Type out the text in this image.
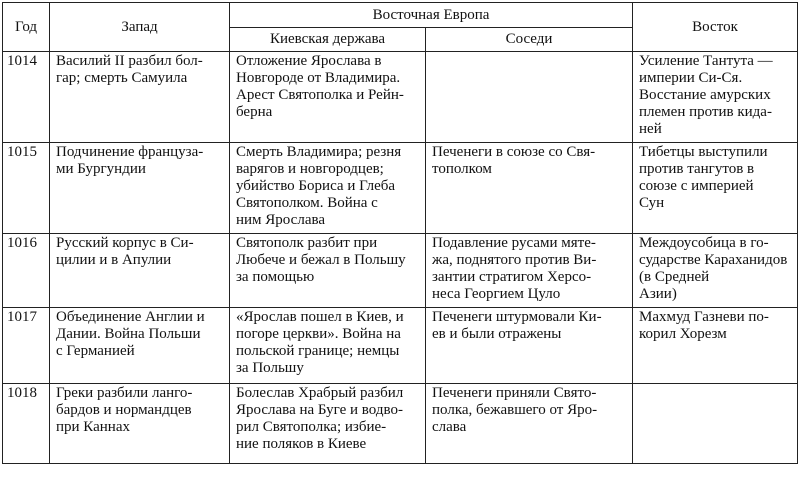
Год	Запад	Восточная Европа		Восток
		Киевская держава	Соседи	
1014	Василий II разбил бол-
гар; смерть Самуила	Отложение Ярослава в
Новгороде от Владимира.
Арест Святополка и Рейн-
берна		Усиление Тантута —
империи Си-Ся.
Восстание амурских
племен против кида-
ней
1015	Подчинение француза-
ми Бургундии	Смерть Владимира; резня
варягов и новгородцев;
убийство Бориса и Глеба
Святополком. Война с
ним Ярослава	Печенеги в союзе со Свя-
тополком	Тибетцы выступили
против тангутов в
союзе с империей
Сун
1016	Русский корпус в Си-
цилии и в Апулии	Святополк разбит при
Любече и бежал в Польшу
за помощью	Подавление русами мяте-
жа, поднятого против Ви-
зантии стратигом Херсо-
неса Георгием Цуло	Междоусобица в го-
сударстве Караханидов (в Средней
Азии)
1017	Объединение Англии и
Дании. Война Польши
с Германией	«Ярослав пошел в Киев, и
погоре церкви». Война на
польской границе; немцы
за Польшу	Печенеги штурмовали Ки-
ев и были отражены	Махмуд Газневи по-
корил Хорезм
1018	Греки разбили ланго-
бардов и нормандцев
при Каннах	Болеслав Храбрый разбил
Ярослава на Буге и водво-
рил Святополка; избие-
ние поляков в Киеве	Печенеги приняли Свято-
полка, бежавшего от Яро-
слава	
